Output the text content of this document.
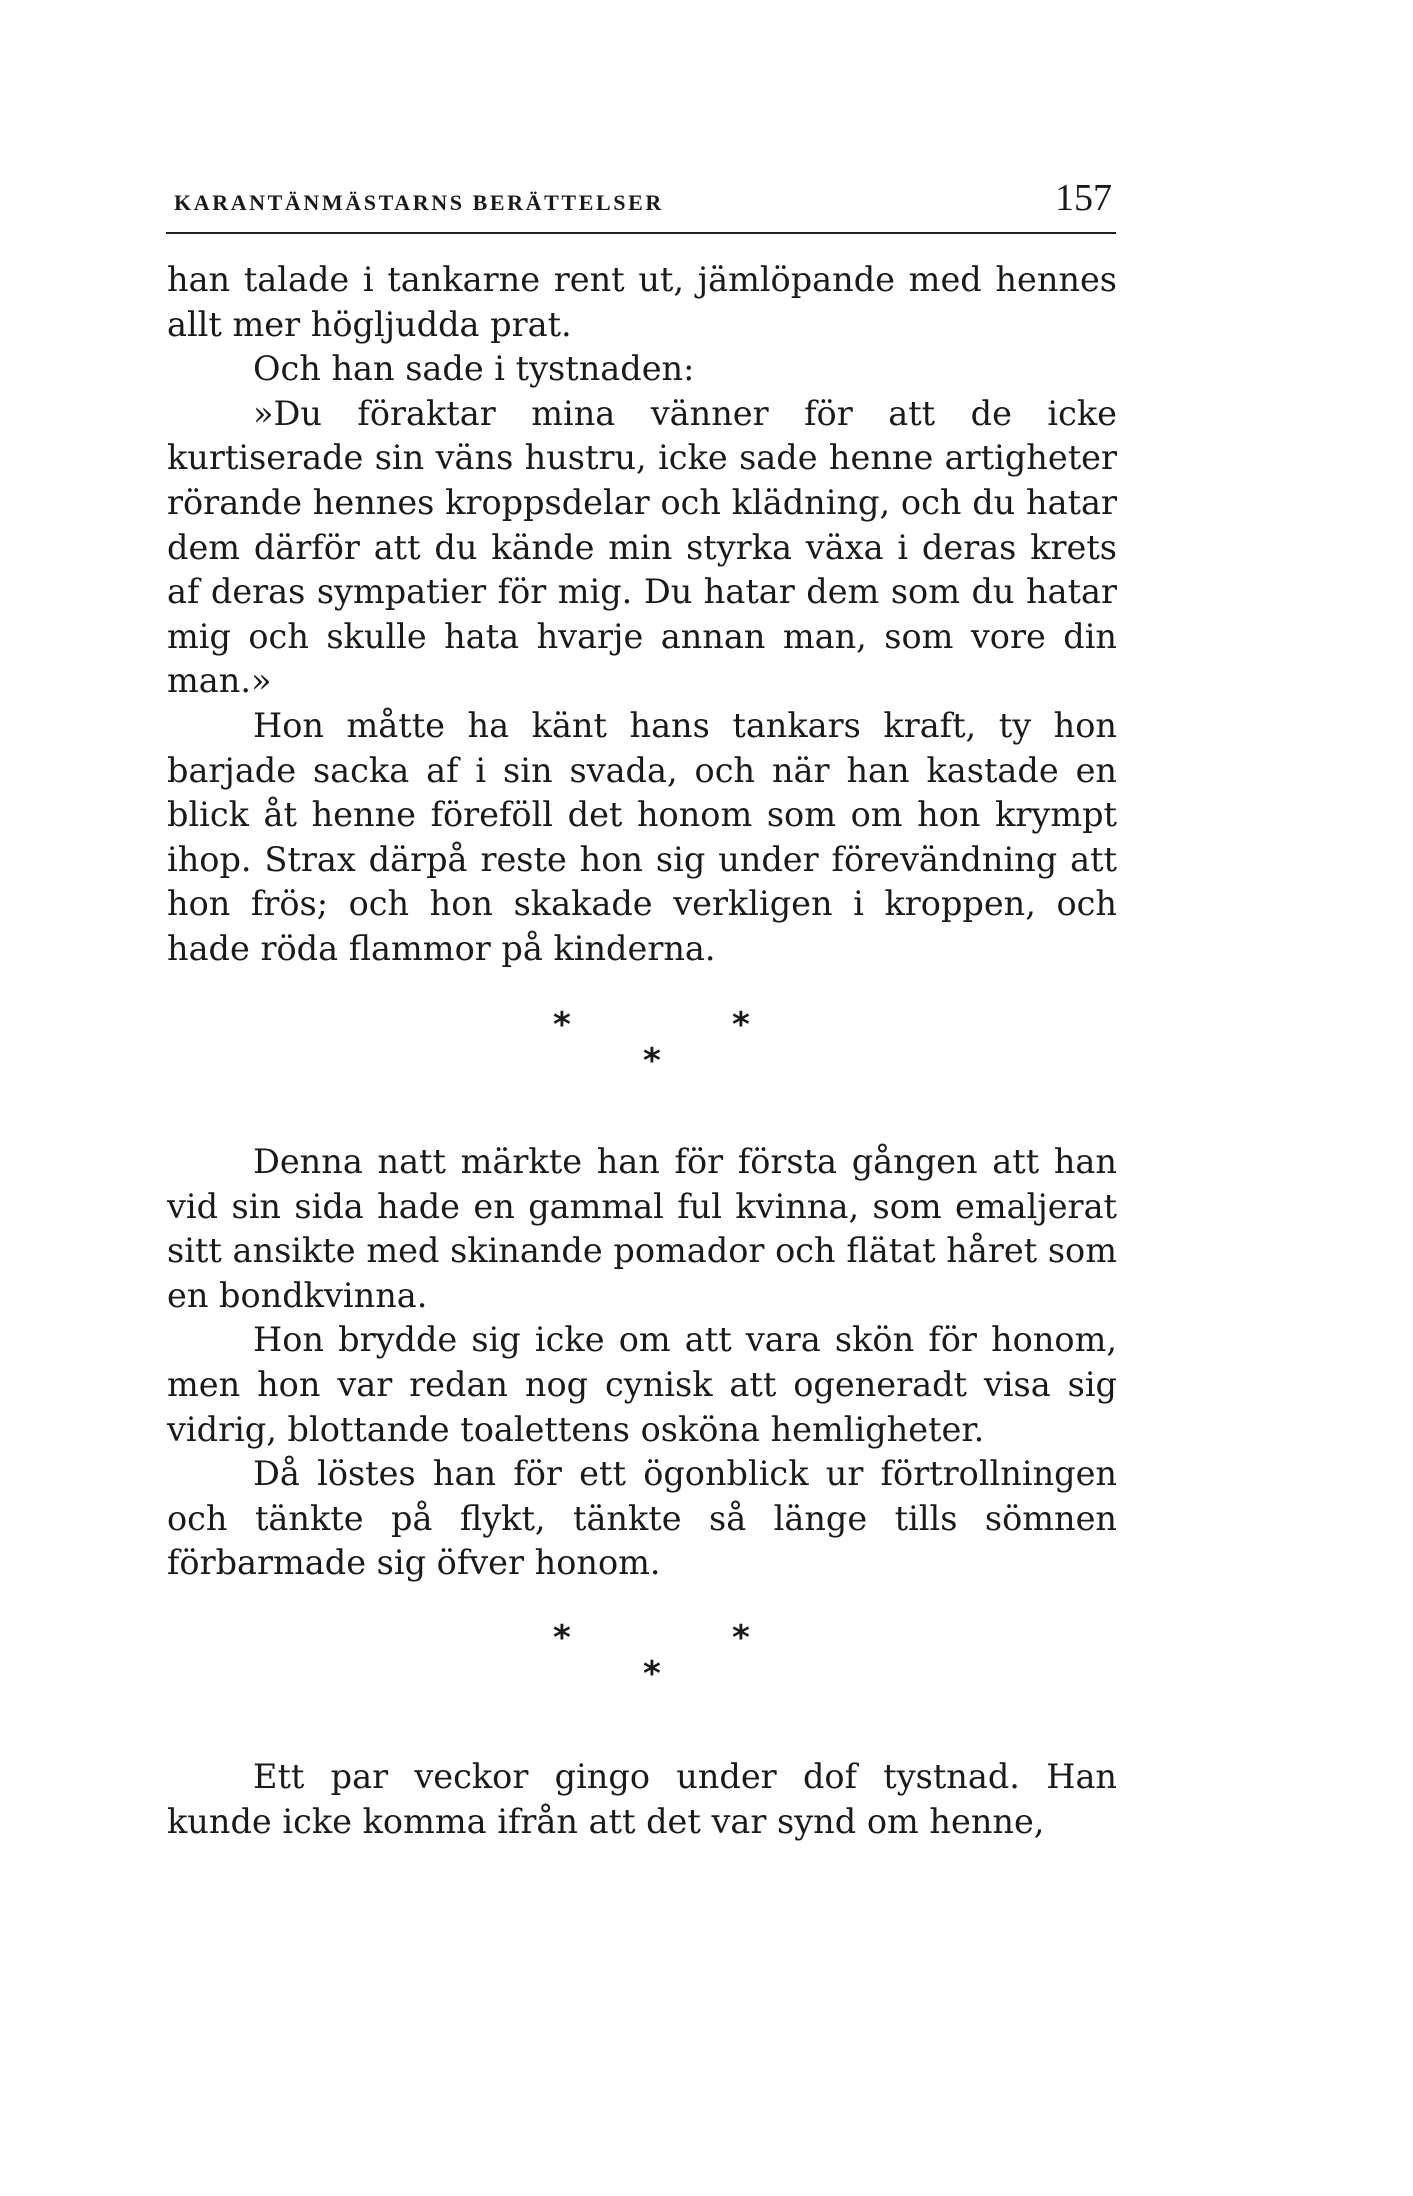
KARANTÄNMÄSTARNS BERÄTTELSER	157

han talade i tankarne rent ut, jämlöpande med hennes allt mer högljudda prat.

Och han sade i tystnaden:

»Du föraktar mina vänner för att de icke kurtiserade sin väns hustru, icke sade henne artigheter rörande hennes kroppsdelar och klädning, och du hatar dem därför att du kände min styrka växa i deras krets af deras sympatier för mig. Du hatar dem som du hatar mig och skulle hata hvarje annan man, som vore din man.»

Hon måtte ha känt hans tankars kraft, ty hon barjade sacka af i sin svada, och när han kastade en blick åt henne föreföll det honom som om hon krympt ihop. Strax därpå reste hon sig under förevändning att hon frös; och hon skakade verkligen i kroppen, och hade röda flammor på kinderna.

*	*
*

Denna natt märkte han för första gången att han vid sin sida hade en gammal ful kvinna, som emaljerat sitt ansikte med skinande pomador och flätat håret som en bondkvinna.

Hon brydde sig icke om att vara skön för honom, men hon var redan nog cynisk att ogeneradt visa sig vidrig, blottande toalettens osköna hemligheter.

Då löstes han för ett ögonblick ur förtrollningen och tänkte på flykt, tänkte så länge tills sömnen förbarmade sig öfver honom.

*	*
*

Ett par veckor gingo under dof tystnad. Han kunde icke komma ifrån att det var synd om henne,
